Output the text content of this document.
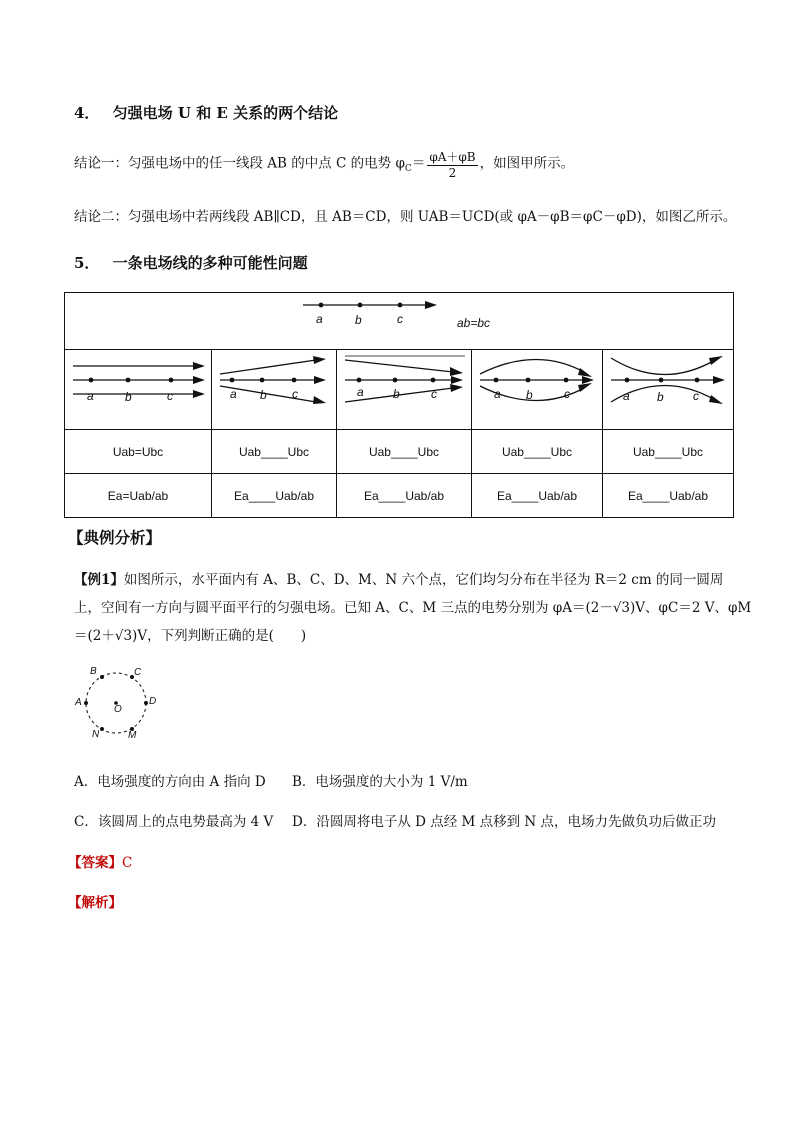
4． 匀强电场 U 和 E 关系的两个结论
结论一：匀强电场中的任一线段 AB 的中点 C 的电势 $\varphi_C= \frac{\varphi A+\varphi B}{2}$ ，如图甲所示。
结论二：匀强电场中若两线段 AB∥CD，且 AB＝CD，则 UAB＝UCD(或 φA－φB＝φC－φD)，如图乙所示。
5． 一条电场线的多种可能性问题
a b c ab=bc				

a b c	a b c	a b c	a b c	a b c

Uab=Ubc	Uab____Ubc	Uab____Ubc	Uab____Ubc	Uab____Ubc
Ea=Uab/ab	Ea____Uab/ab	Ea____Uab/ab	Ea____Uab/ab	Ea____Uab/ab
【典例分析】
【例1】如图所示，水平面内有 A、B、C、D、M、N 六个点，它们均匀分布在半径为 R＝2 cm 的同一圆周
上，空间有一方向与圆平面平行的匀强电场。已知 A、C、M 三点的电势分别为 φA＝(2－√3)V、φC＝2 V、φM
＝(2＋√3)V，下列判断正确的是(　　)
B	C
A
O
D
N	M
A．电场强度的方向由 A 指向 D B．电场强度的大小为 1 V/m
C．该圆周上的点电势最高为 4 V D．沿圆周将电子从 D 点经 M 点移到 N 点，电场力先做负功后做正功
【答案】C
【解析】
